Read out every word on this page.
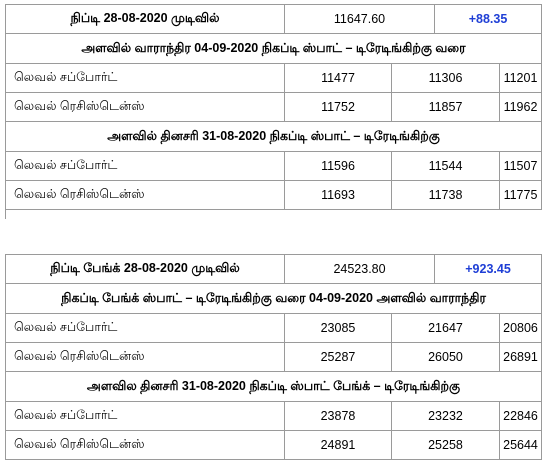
நிப்டி 28-08-2020 முடிவில்	11647.60		+88.35
அளவில் வாராந்திர 04-09-2020 நிகப்டி ஸ்பாட் – டிரேடிங்கிற்கு வரை			
லெவல் சப்போர்ட்	11477	11306 11201	

லெவல் ரெசிஸ்டென்ஸ்	11752	11857 11962	

அளவில் தினசரி 31-08-2020 நிகப்டி ஸ்பாட் – டிரேடிங்கிற்கு			
லெவல் சப்போர்ட்	11596	11544 11507	

லெவல் ரெசிஸ்டென்ஸ்	11693	11738 11775	
நிப்டி பேங்க் 28-08-2020 முடிவில்	24523.80		+923.45
நிகப்டி பேங்க் ஸ்பாட் – டிரேடிங்கிற்கு வரை 04-09-2020 அளவில் வாராந்திர			
லெவல் சப்போர்ட்	23085	21647 20806	

லெவல் ரெசிஸ்டென்ஸ்	25287	26050 26891	

அளவில தினசரி 31-08-2020 நிகப்டி ஸ்பாட் பேங்க் – டிரேடிங்கிற்கு			
லெவல் சப்போர்ட்	23878	23232 22846	

லெவல் ரெசிஸ்டென்ஸ்	24891	25258 25644	
